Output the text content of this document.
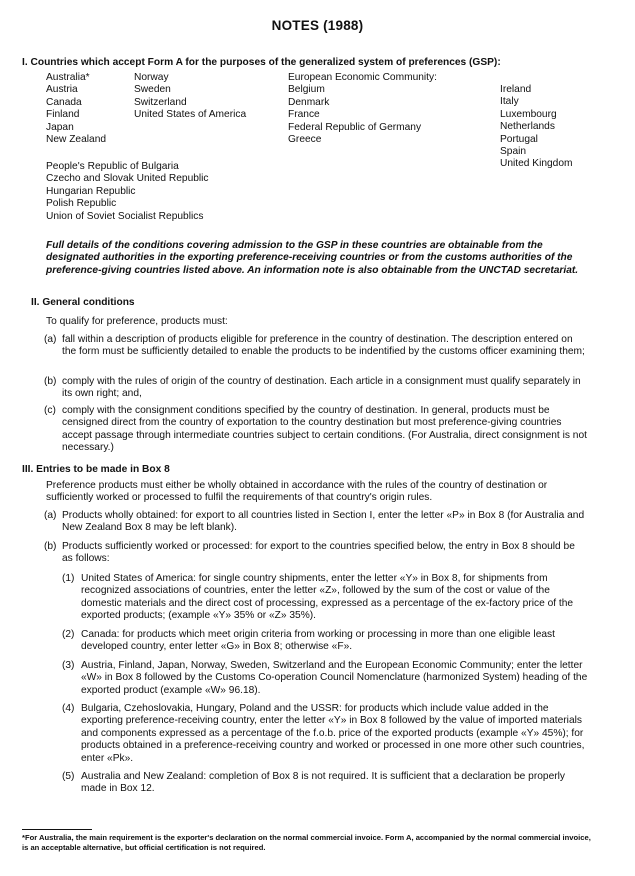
NOTES (1988)
I. Countries which accept Form A for the purposes of the generalized system of preferences (GSP):
Australia*
Austria
Canada
Finland
Japan
New Zealand
Norway
Sweden
Switzerland
United States of America
European Economic Community:
Belgium
Denmark
France
Federal Republic of Germany
Greece
Ireland
Italy
Luxembourg
Netherlands
Portugal
Spain
United Kingdom
People's Republic of Bulgaria
Czecho and Slovak United Republic
Hungarian Republic
Polish Republic
Union of Soviet Socialist Republics
Full details of the conditions covering admission to the GSP in these countries are obtainable from the designated authorities in the exporting preference-receiving countries or from the customs authorities of the preference-giving countries listed above. An information note is also obtainable from the UNCTAD secretariat.
II. General conditions
To qualify for preference, products must:
(a) fall within a description of products eligible for preference in the country of destination. The description entered on the form must be sufficiently detailed to enable the products to be indentified by the customs officer examining them;
(b) comply with the rules of origin of the country of destination. Each article in a consignment must qualify separately in its own right; and,
(c) comply with the consignment conditions specified by the country of destination. In general, products must be censigned direct from the country of exportation to the country destination but most preference-giving countries accept passage through intermediate countries subject to certain conditions. (For Australia, direct consignment is not necessary.)
III. Entries to be made in Box 8
Preference products must either be wholly obtained in accordance with the rules of the country of destination or sufficiently worked or processed to fulfil the requirements of that country's origin rules.
(a) Products wholly obtained: for export to all countries listed in Section I, enter the letter «P» in Box 8 (for Australia and New Zealand Box 8 may be left blank).
(b) Products sufficiently worked or processed: for export to the countries specified below, the entry in Box 8 should be as follows:
(1) United States of America: for single country shipments, enter the letter «Y» in Box 8, for shipments from recognized associations of countries, enter the letter «Z», followed by the sum of the cost or value of the domestic materials and the direct cost of processing, expressed as a percentage of the ex-factory price of the exported products; (example «Y» 35% or «Z» 35%).
(2) Canada: for products which meet origin criteria from working or processing in more than one eligible least developed country, enter letter «G» in Box 8; otherwise «F».
(3) Austria, Finland, Japan, Norway, Sweden, Switzerland and the European Economic Community; enter the letter «W» in Box 8 followed by the Customs Co-operation Council Nomenclature (harmonized System) heading of the exported product (example «W» 96.18).
(4) Bulgaria, Czehoslovakia, Hungary, Poland and the USSR: for products which include value added in the exporting preference-receiving country, enter the letter «Y» in Box 8 followed by the value of imported materials and components expressed as a percentage of the f.o.b. price of the exported products (example «Y» 45%); for products obtained in a preference-receiving country and worked or processed in one more other such countries, enter «Pk».
(5) Australia and New Zealand: completion of Box 8 is not required. It is sufficient that a declaration be properly made in Box 12.
*For Australia, the main requirement is the exporter's declaration on the normal commercial invoice. Form A, accompanied by the normal commercial invoice, is an acceptable alternative, but official certification is not required.
